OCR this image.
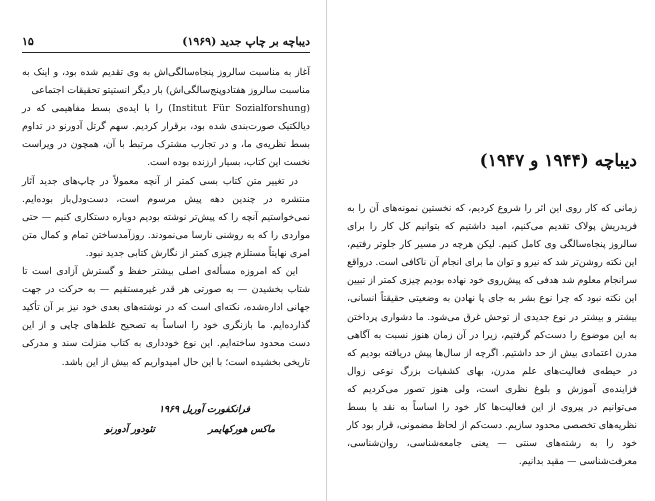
دیباچه بر چاپ جدید (۱۹۶۹)
۱۵

آغاز به مناسبت سالروز پنجاه‌سالگی‌اش به وی تقدیم شده بود، و اینک به مناسبت سالروز هفتادوپنج‌سالگی‌اش) بار دیگر انستیتو تحقیقات اجتماعی

(Institut Für Sozialforshung) را با ایده‌ی بسط مفاهیمی که در دیالکتیک صورت‌بندی شده بود، برقرار کردیم. سهم گرتل آدورنو در تداوم بسط نظریه‌ی ما، و در تجارب مشترک مرتبط با آن، همچون در ویراست نخست این کتاب، بسیار ارزنده بوده است.

در تغییر متن کتاب بسی کمتر از آنچه معمولاً در چاپ‌های جدید آثار منتشره در چندین دهه پیش مرسوم است، دست‌ودل‌باز بوده‌ایم. نمی‌خواستیم آنچه را که پیش‌تر نوشته بودیم دوباره دستکاری کنیم — حتی مواردی را که به روشنی نارسا می‌نمودند. روزآمدساختن تمام و کمال متن امری نهایتاً مستلزم چیزی کمتر از نگارش کتابی جدید نبود.

این که امروزه مسأله‌ی اصلی بیشتر حفظ و گسترش آزادی است تا شتاب بخشیدن — به صورتی هر قدر غیرمستقیم — به حرکت در جهت جهانی اداره‌شده، نکته‌ای است که در نوشته‌های بعدی خود نیز بر آن تأکید گذارده‌ایم. ما با‌زنگری خود را اساساً به تصحیح غلط‌های چاپی و از این دست محدود ساخته‌ایم. این نوع خودداری به کتاب منزلت سند و مدرکی تاریخی بخشیده است؛ با این حال امیدواریم که بیش از این باشد.

فرانکفورت آوریل ۱۹۶۹
ماکس هورکهایمر
تئودور آدورنو
دیباچه (۱۹۴۴ و ۱۹۴۷)

زمانی که کار روی این اثر را شروع کردیم، که نخستین نمونه‌های آن را به فریدریش پولاک تقدیم می‌کنیم، امید داشتیم که بتوانیم کل کار را برای سالروز پنجاه‌سالگی وی کامل کنیم. لیکن هرچه در مسیر کار جلوتر رفتیم، این نکته روشن‌تر شد که نیرو و توان ما برای انجام آن ناکافی است. درواقع سرانجام معلوم شد هدفی که پیش‌روی خود نهاده بودیم چیزی کمتر از تبیین این نکته نبود که چرا نوع بشر به جای پا نهادن به وضعیتی حقیقتاً انسانی، بیشتر و بیشتر در نوع جدیدی از توحش غرق می‌شود. ما دشواری پرداختن به این موضوع را دست‌کم گرفتیم، زیرا در آن زمان هنوز نسبت به آگاهی مدرن اعتمادی بیش از حد داشتیم. اگرچه از سال‌ها پیش دریافته بودیم که در حیطه‌ی فعالیت‌های علم مدرن، بهای کشفیات بزرگ نوعی زوال فزاینده‌ی آموزش و بلوغ نظری است، ولی هنوز تصور می‌کردیم که می‌توانیم در پیروی از این فعالیت‌ها کار خود را اساساً به نقد یا بسط نظریه‌های تخصصی محدود سازیم. دست‌کم از لحاظ مضمونی، قرار بود کار خود را به رشته‌های سنتی — یعنی جامعه‌شناسی، روان‌شناسی، معرفت‌شناسی — مقید بدانیم.
